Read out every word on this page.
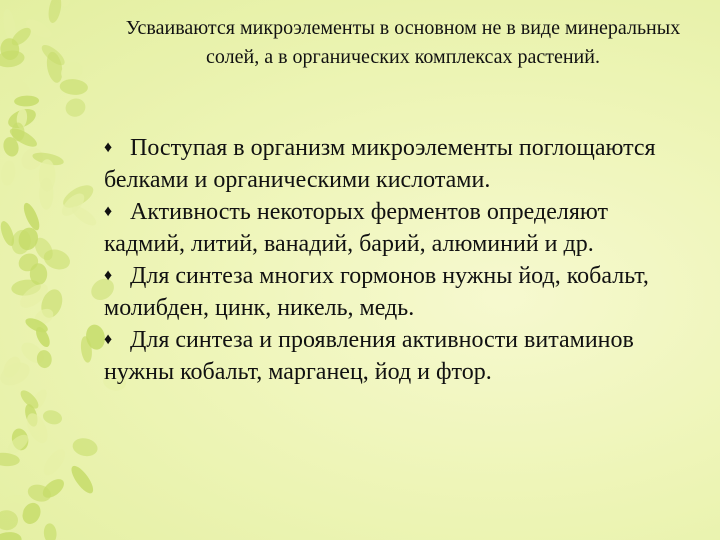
Усваиваются микроэлементы в основном не в виде минеральных солей, а в органических комплексах растений.

♦ Поступая в организм микроэлементы поглощаются белками и органическими кислотами.

♦ Активность некоторых ферментов определяют кадмий, литий, ванадий, барий, алюминий и др.

♦ Для синтеза многих гормонов нужны йод, кобальт, молибден, цинк, никель, медь.

♦ Для синтеза и проявления активности витаминов нужны кобальт, марганец, йод и фтор.
